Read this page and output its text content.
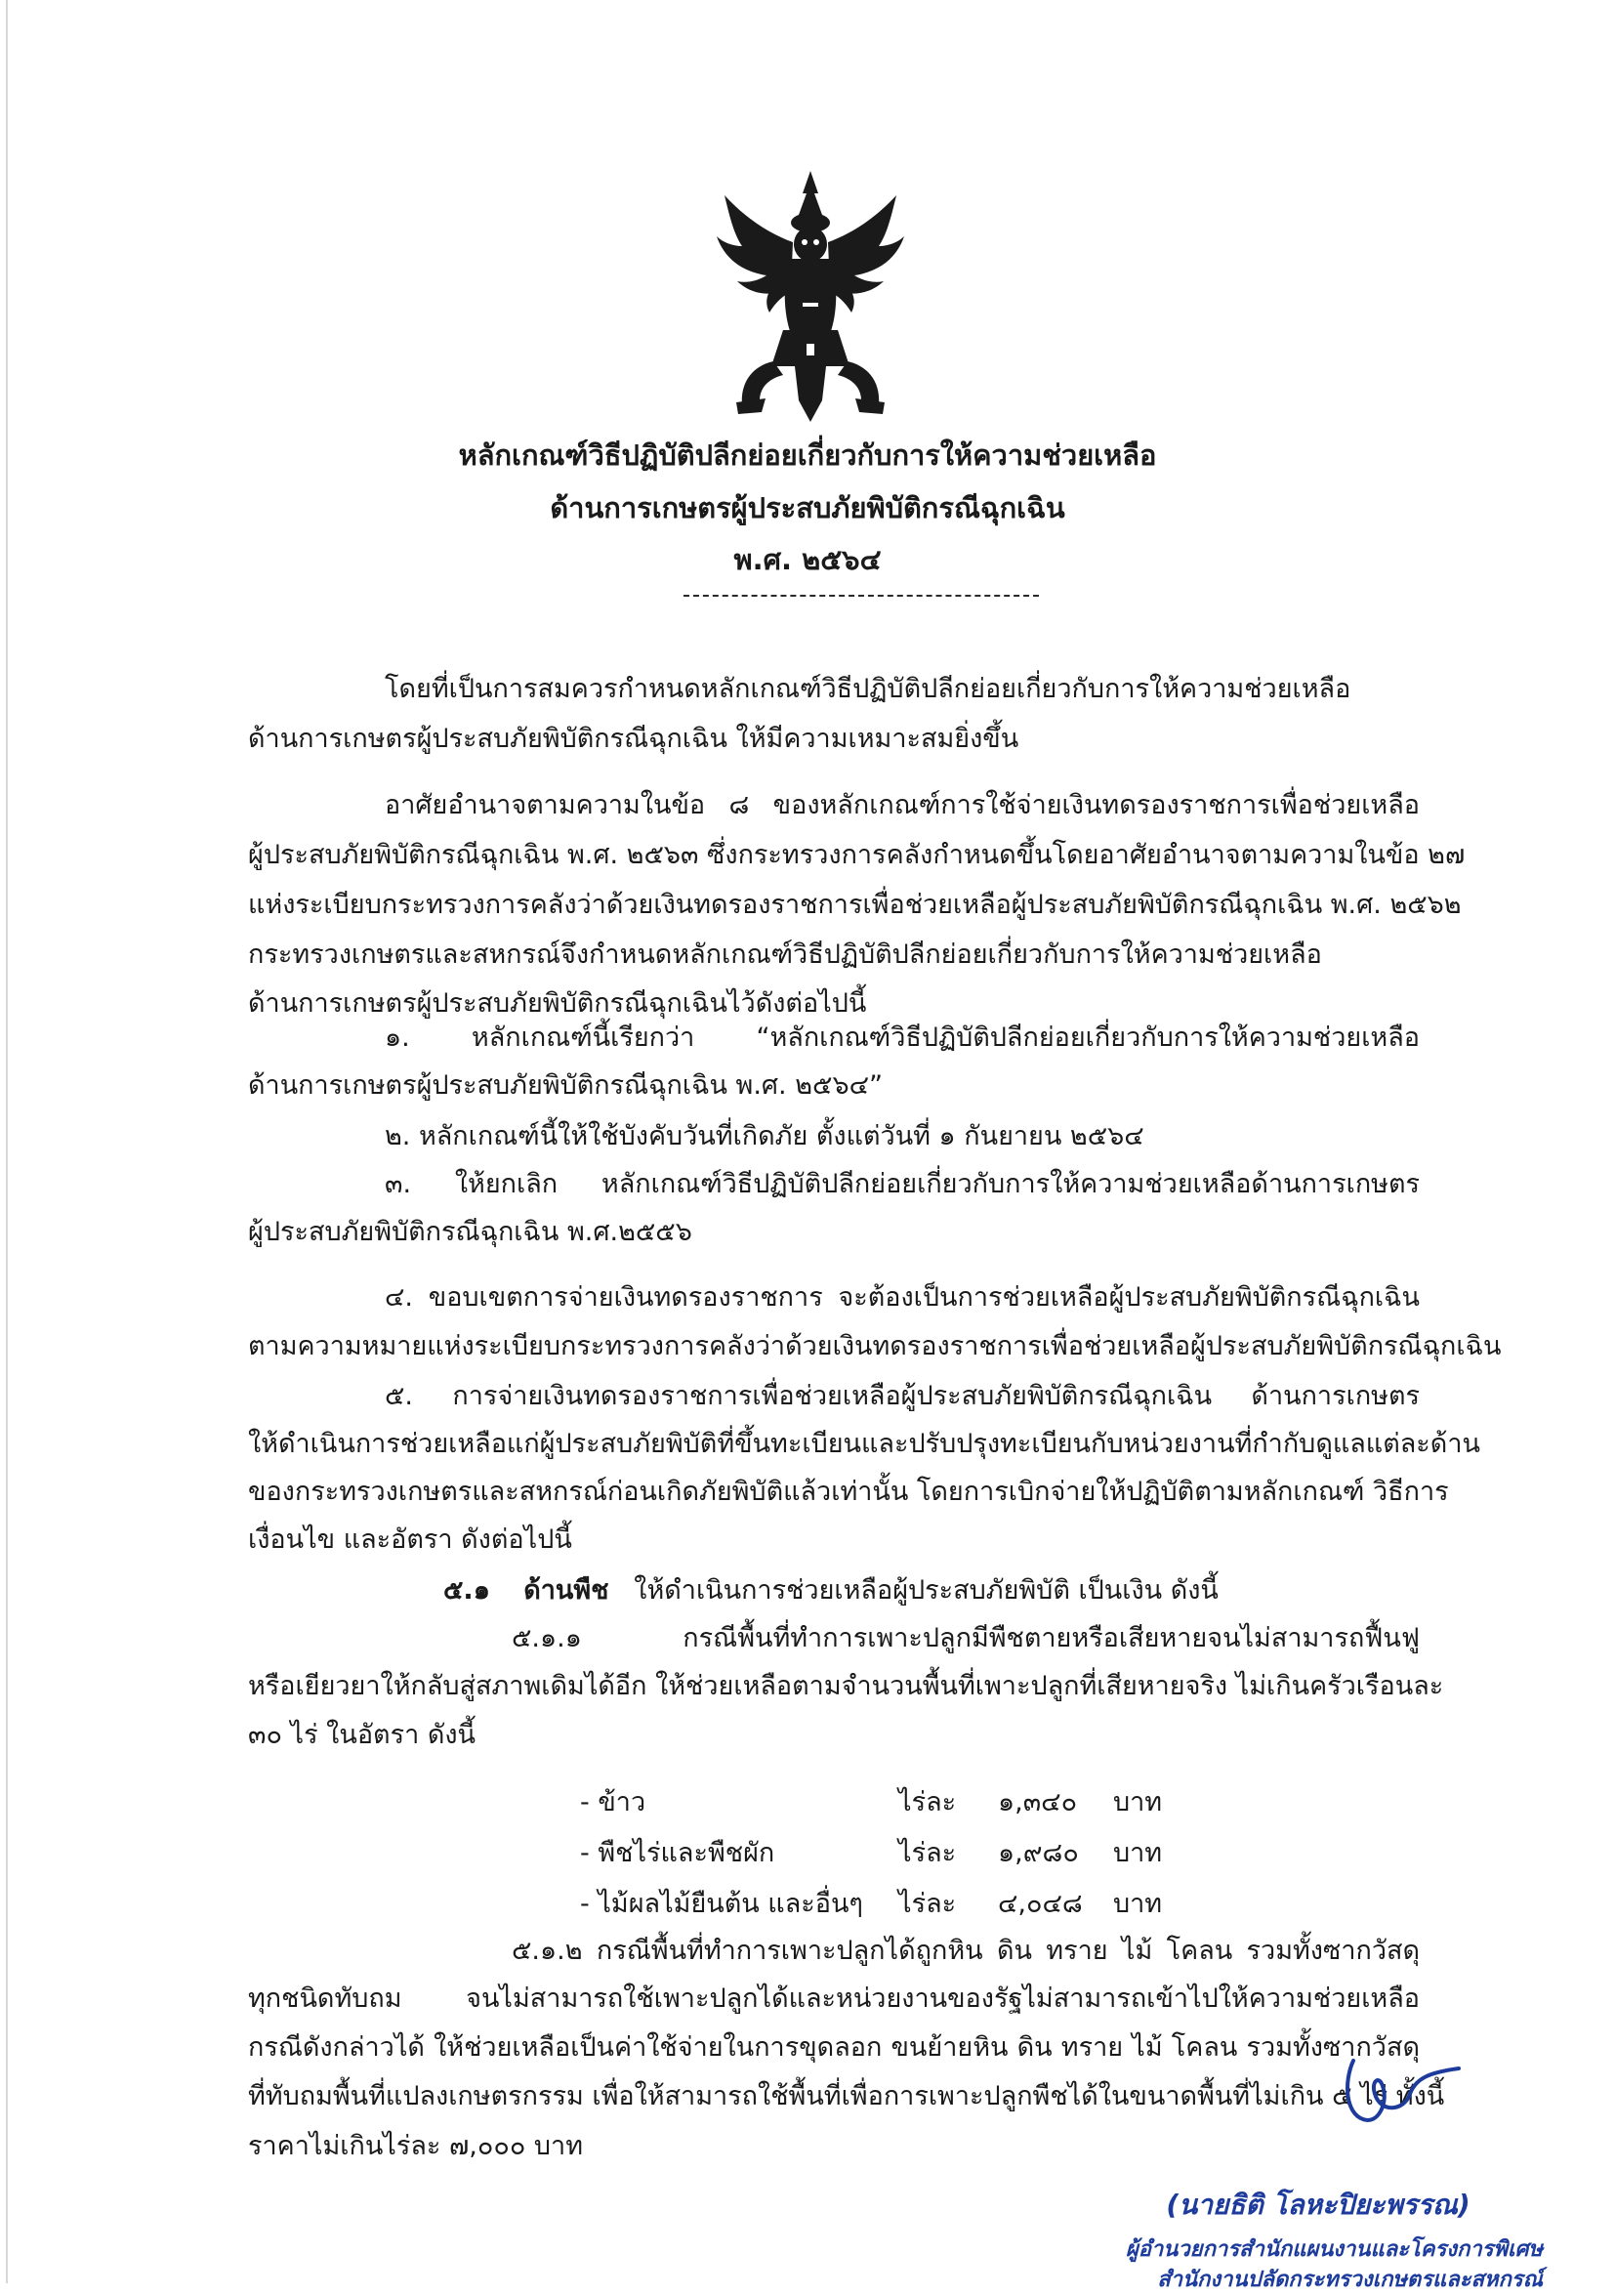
หลักเกณฑ์วิธีปฏิบัติปลีกย่อยเกี่ยวกับการให้ความช่วยเหลือ
ด้านการเกษตรผู้ประสบภัยพิบัติกรณีฉุกเฉิน
พ.ศ. ๒๕๖๔
โดยที่เป็นการสมควรกำหนดหลักเกณฑ์วิธีปฏิบัติปลีกย่อยเกี่ยวกับการให้ความช่วยเหลือ
ด้านการเกษตรผู้ประสบภัยพิบัติกรณีฉุกเฉิน ให้มีความเหมาะสมยิ่งขึ้น
อาศัยอำนาจตามความในข้อ ๘ ของหลักเกณฑ์การใช้จ่ายเงินทดรองราชการเพื่อช่วยเหลือ
ผู้ประสบภัยพิบัติกรณีฉุกเฉิน พ.ศ. ๒๕๖๓ ซึ่งกระทรวงการคลังกำหนดขึ้นโดยอาศัยอำนาจตามความในข้อ ๒๗
แห่งระเบียบกระทรวงการคลังว่าด้วยเงินทดรองราชการเพื่อช่วยเหลือผู้ประสบภัยพิบัติกรณีฉุกเฉิน พ.ศ. ๒๕๖๒
กระทรวงเกษตรและสหกรณ์จึงกำหนดหลักเกณฑ์วิธีปฏิบัติปลีกย่อยเกี่ยวกับการให้ความช่วยเหลือ
ด้านการเกษตรผู้ประสบภัยพิบัติกรณีฉุกเฉินไว้ดังต่อไปนี้
๑. หลักเกณฑ์นี้เรียกว่า “หลักเกณฑ์วิธีปฏิบัติปลีกย่อยเกี่ยวกับการให้ความช่วยเหลือ
ด้านการเกษตรผู้ประสบภัยพิบัติกรณีฉุกเฉิน พ.ศ. ๒๕๖๔”
๒. หลักเกณฑ์นี้ให้ใช้บังคับวันที่เกิดภัย ตั้งแต่วันที่ ๑ กันยายน ๒๕๖๔
๓. ให้ยกเลิก หลักเกณฑ์วิธีปฏิบัติปลีกย่อยเกี่ยวกับการให้ความช่วยเหลือด้านการเกษตร
ผู้ประสบภัยพิบัติกรณีฉุกเฉิน พ.ศ.๒๕๕๖
๔. ขอบเขตการจ่ายเงินทดรองราชการ จะต้องเป็นการช่วยเหลือผู้ประสบภัยพิบัติกรณีฉุกเฉิน
ตามความหมายแห่งระเบียบกระทรวงการคลังว่าด้วยเงินทดรองราชการเพื่อช่วยเหลือผู้ประสบภัยพิบัติกรณีฉุกเฉิน
๕. การจ่ายเงินทดรองราชการเพื่อช่วยเหลือผู้ประสบภัยพิบัติกรณีฉุกเฉิน ด้านการเกษตร
ให้ดำเนินการช่วยเหลือแก่ผู้ประสบภัยพิบัติที่ขึ้นทะเบียนและปรับปรุงทะเบียนกับหน่วยงานที่กำกับดูแลแต่ละด้าน
ของกระทรวงเกษตรและสหกรณ์ก่อนเกิดภัยพิบัติแล้วเท่านั้น โดยการเบิกจ่ายให้ปฏิบัติตามหลักเกณฑ์ วิธีการ
เงื่อนไข และอัตรา ดังต่อไปนี้
๕.๑ ด้านพืช ให้ดำเนินการช่วยเหลือผู้ประสบภัยพิบัติ เป็นเงิน ดังนี้
๕.๑.๑ กรณีพื้นที่ทำการเพาะปลูกมีพืชตายหรือเสียหายจนไม่สามารถฟื้นฟู
หรือเยียวยาให้กลับสู่สภาพเดิมได้อีก ให้ช่วยเหลือตามจำนวนพื้นที่เพาะปลูกที่เสียหายจริง ไม่เกินครัวเรือนละ
๓๐ ไร่ ในอัตรา ดังนี้
- ข้าว	ไร่ละ ๑,๓๔๐ บาท
- พืชไร่และพืชผัก	ไร่ละ ๑,๙๘๐ บาท
- ไม้ผลไม้ยืนต้น และอื่นๆ ไร่ละ ๔,๐๔๘ บาท
๕.๑.๒ กรณีพื้นที่ทำการเพาะปลูกได้ถูกหิน ดิน ทราย ไม้ โคลน รวมทั้งซากวัสดุ
ทุกชนิดทับถม จนไม่สามารถใช้เพาะปลูกได้และหน่วยงานของรัฐไม่สามารถเข้าไปให้ความช่วยเหลือ
กรณีดังกล่าวได้ ให้ช่วยเหลือเป็นค่าใช้จ่ายในการขุดลอก ขนย้ายหิน ดิน ทราย ไม้ โคลน รวมทั้งซากวัสดุ
ที่ทับถมพื้นที่แปลงเกษตรกรรม เพื่อให้สามารถใช้พื้นที่เพื่อการเพาะปลูกพืชได้ในขนาดพื้นที่ไม่เกิน ๕ ไร่ ทั้งนี้
ราคาไม่เกินไร่ละ ๗,๐๐๐ บาท
(นายธิติ โลหะปิยะพรรณ)
ผู้อำนวยการสำนักแผนงานและโครงการพิเศษ
สำนักงานปลัดกระทรวงเกษตรและสหกรณ์
